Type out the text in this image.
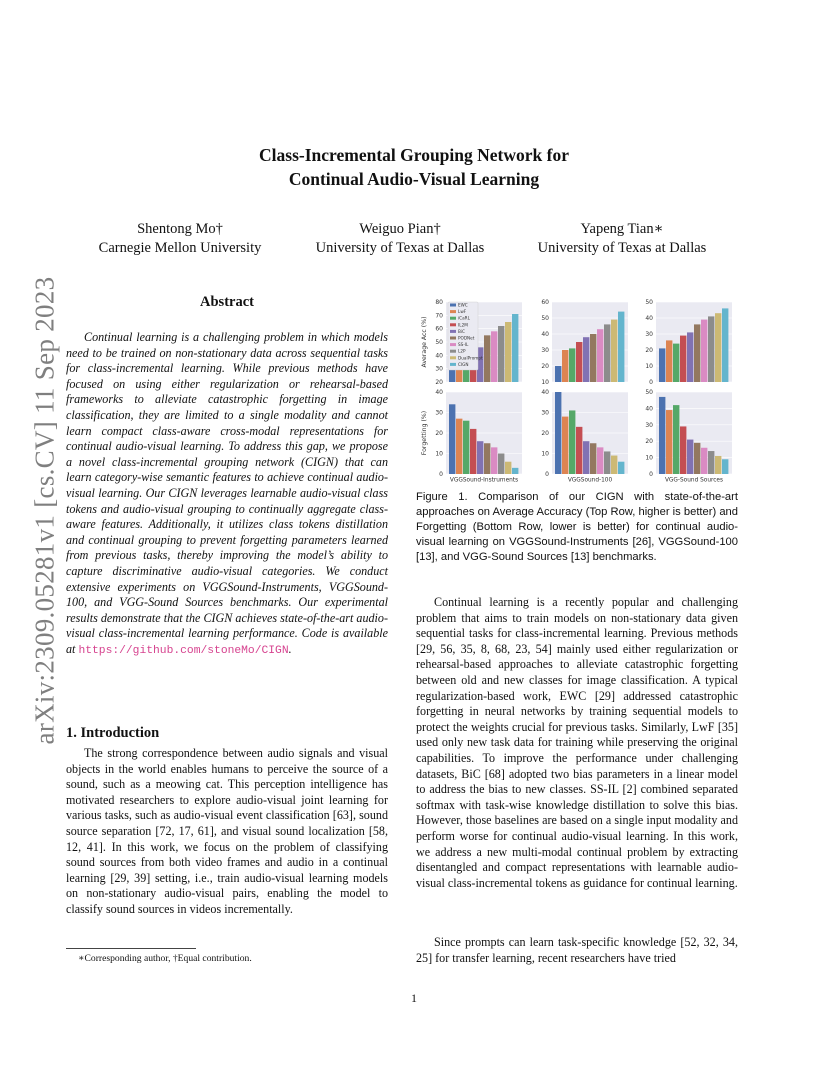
arXiv:2309.05281v1 [cs.CV] 11 Sep 2023
Class-Incremental Grouping Network for
Continual Audio-Visual Learning
Shentong Mo†
Carnegie Mellon University
Weiguo Pian†
University of Texas at Dallas
Yapeng Tian∗
University of Texas at Dallas
Abstract
Continual learning is a challenging problem in which models need to be trained on non-stationary data across sequential tasks for class-incremental learning. While previous methods have focused on using either regularization or rehearsal-based frameworks to alleviate catastrophic forgetting in image classification, they are limited to a single modality and cannot learn compact class-aware cross-modal representations for continual audio-visual learning. To address this gap, we propose a novel class-incremental grouping network (CIGN) that can learn category-wise semantic features to achieve continual audio-visual learning. Our CIGN leverages learnable audio-visual class tokens and audio-visual grouping to continually aggregate class-aware features. Additionally, it utilizes class tokens distillation and continual grouping to prevent forgetting parameters learned from previous tasks, thereby improving the model’s ability to capture discriminative audio-visual categories. We conduct extensive experiments on VGGSound-Instruments, VGGSound-100, and VGG-Sound Sources benchmarks. Our experimental results demonstrate that the CIGN achieves state-of-the-art audio-visual class-incremental learning performance. Code is available at https://github.com/stoneMo/CIGN.
1. Introduction
The strong correspondence between audio signals and visual objects in the world enables humans to perceive the source of a sound, such as a meowing cat. This perception intelligence has motivated researchers to explore audio-visual joint learning for various tasks, such as audio-visual event classification [63], sound source separation [72, 17, 61], and visual sound localization [58, 12, 41]. In this work, we focus on the problem of classifying sound sources from both video frames and audio in a continual learning [29, 39] setting, i.e., train audio-visual learning models on non-stationary audio-visual pairs, enabling the model to classify sound sources in videos incrementally.
∗Corresponding author, †Equal contribution.
20
30
40
50
60
70
80
10
20
30
40
50
60
0
10
20
30
40
50
Average Acc (%)
0
10
20
30
40
VGGSound-Instruments
0
10
20
30
40
VGGSound-100
0
10
20
30
40
50
VGG-Sound Sources
Forgetting (%)
EWC
LwF
iCaRL
IL2M
BiC
PODNet
SS-IL
L2P
DualPrompt
CIGN
Figure 1. Comparison of our CIGN with state-of-the-art approaches on Average Accuracy (Top Row, higher is better) and Forgetting (Bottom Row, lower is better) for continual audio-visual learning on VGGSound-Instruments [26], VGGSound-100 [13], and VGG-Sound Sources [13] benchmarks.
Continual learning is a recently popular and challenging problem that aims to train models on non-stationary data given sequential tasks for class-incremental learning. Previous methods [29, 56, 35, 8, 68, 23, 54] mainly used either regularization or rehearsal-based approaches to alleviate catastrophic forgetting between old and new classes for image classification. A typical regularization-based work, EWC [29] addressed catastrophic forgetting in neural networks by training sequential models to protect the weights crucial for previous tasks. Similarly, LwF [35] used only new task data for training while preserving the original capabilities. To improve the performance under challenging datasets, BiC [68] adopted two bias parameters in a linear model to address the bias to new classes. SS-IL [2] combined separated softmax with task-wise knowledge distillation to solve this bias. However, those baselines are based on a single input modality and perform worse for continual audio-visual learning. In this work, we address a new multi-modal continual problem by extracting disentangled and compact representations with learnable audio-visual class-incremental tokens as guidance for continual learning.
Since prompts can learn task-specific knowledge [52, 32, 34, 25] for transfer learning, recent researchers have tried
1
